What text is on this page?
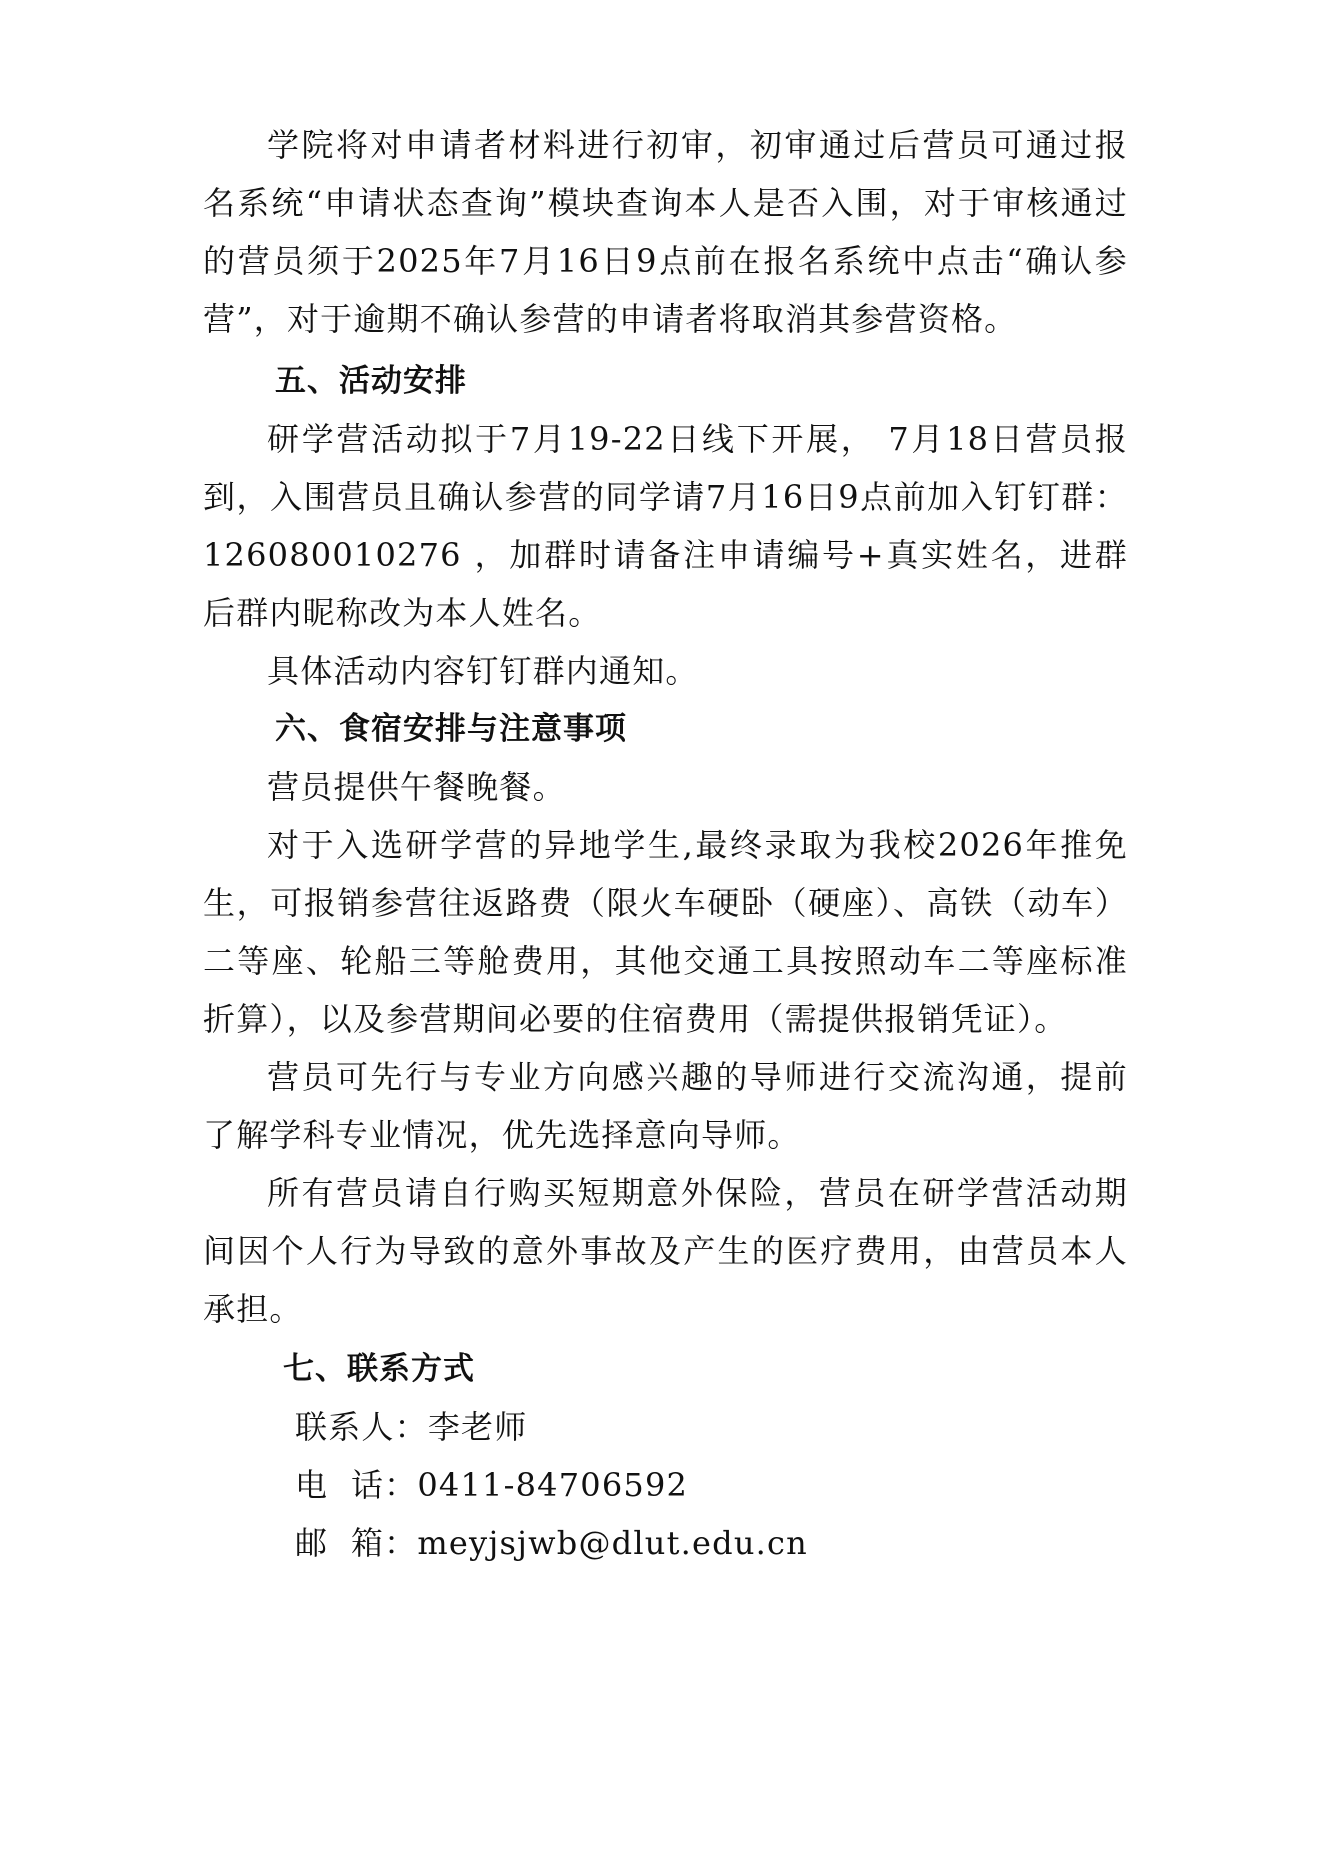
学院将对申请者材料进行初审，初审通过后营员可通过报名系统“申请状态查询”模块查询本人是否入围，对于审核通过的营员须于2025年7月16日9点前在报名系统中点击“确认参营”，对于逾期不确认参营的申请者将取消其参营资格。

五、活动安排

研学营活动拟于7月19-22日线下开展， 7月18日营员报到，入围营员且确认参营的同学请7月16日9点前加入钉钉群：126080010276 ，加群时请备注申请编号+真实姓名，进群后群内昵称改为本人姓名。

具体活动内容钉钉群内通知。

六、食宿安排与注意事项

营员提供午餐晚餐。

对于入选研学营的异地学生,最终录取为我校2026年推免生，可报销参营往返路费（限火车硬卧（硬座）、高铁（动车）二等座、轮船三等舱费用，其他交通工具按照动车二等座标准折算），以及参营期间必要的住宿费用（需提供报销凭证）。

营员可先行与专业方向感兴趣的导师进行交流沟通，提前了解学科专业情况，优先选择意向导师。

所有营员请自行购买短期意外保险，营员在研学营活动期间因个人行为导致的意外事故及产生的医疗费用，由营员本人承担。

七、联系方式

联系人：李老师

电  话：0411-84706592

邮  箱：meyjsjwb@dlut.edu.cn
